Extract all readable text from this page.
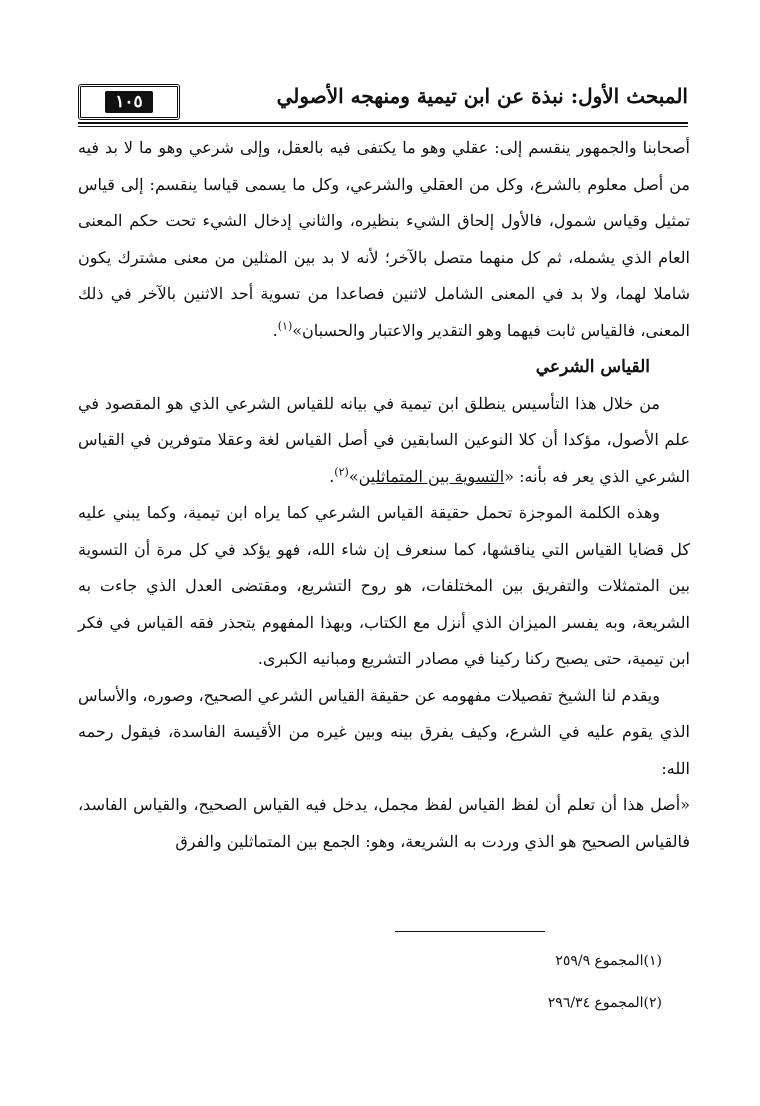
١٠٥	المبحث الأول: نبذة عن ابن تيمية ومنهجه الأصولي

أصحابنا والجمهور ينقسم إلى: عقلي وهو ما يكتفى فيه بالعقل، وإلى شرعي وهو ما لا بد فيه من أصل معلوم بالشرع، وكل من العقلي والشرعي، وكل ما يسمى قياسا ينقسم: إلى قياس تمثيل وقياس شمول، فالأول إلحاق الشيء بنظيره، والثاني إدخال الشيء تحت حكم المعنى العام الذي يشمله، ثم كل منهما متصل بالآخر؛ لأنه لا بد بين المثلين من معنى مشترك يكون شاملا لهما، ولا بد في المعنى الشامل لاثنين فصاعدا من تسوية أحد الاثنين بالآخر في ذلك المعنى، فالقياس ثابت فيهما وهو التقدير والاعتبار والحسبان»$^{(١)}$.

القياس الشرعي

من خلال هذا التأسيس ينطلق ابن تيمية في بيانه للقياس الشرعي الذي هو المقصود في علم الأصول، مؤكدا أن كلا النوعين السابقين في أصل القياس لغة وعقلا متوفرين في القياس الشرعي الذي يعر فه بأنه: «التسوية بين المتماثلين»$^{(٢)}$.

وهذه الكلمة الموجزة تحمل حقيقة القياس الشرعي كما يراه ابن تيمية، وكما يبني عليه كل قضايا القياس التي يناقشها، كما سنعرف إن شاء الله، فهو يؤكد في كل مرة أن التسوية بين المتمثلات والتفريق بين المختلفات، هو روح التشريع، ومقتضى العدل الذي جاءت به الشريعة، وبه يفسر الميزان الذي أنزل مع الكتاب، وبهذا المفهوم يتجذر فقه القياس في فكر ابن تيمية، حتى يصبح ركنا ركينا في مصادر التشريع ومبانيه الكبرى.

ويقدم لنا الشيخ تفصيلات مفهومه عن حقيقة القياس الشرعي الصحيح، وصوره، والأساس الذي يقوم عليه في الشرع، وكيف يفرق بينه وبين غيره من الأقيسة الفاسدة، فيقول رحمه الله:

«أصل هذا أن تعلم أن لفظ القياس لفظ مجمل، يدخل فيه القياس الصحيح، والقياس الفاسد، فالقياس الصحيح هو الذي وردت به الشريعة، وهو: الجمع بين المتماثلين والفرق

(١)المجموع ٢٥٩/٩
(٢)المجموع ٢٩٦/٣٤
